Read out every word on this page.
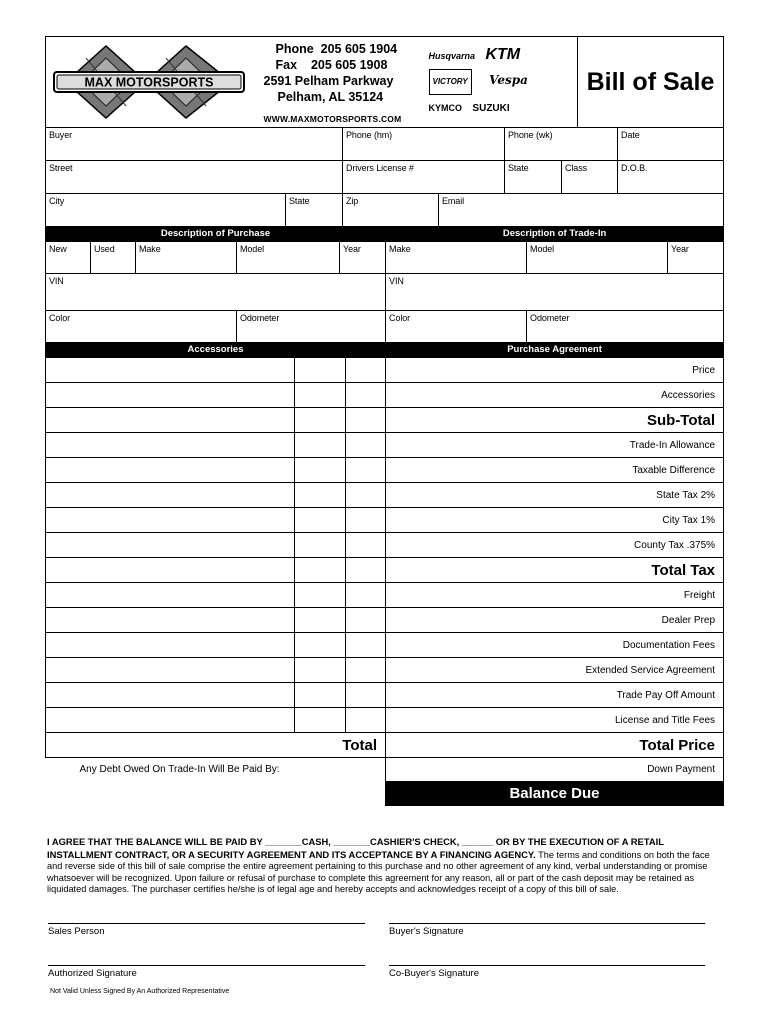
MAX MOTORSPORTS

Phone 205 605 1904
Fax 205 605 1908
2591 Pelham Parkway
Pelham, AL 35124
WWW.MAXMOTORSPORTS.COM
Husqvarna KTM
VICTORY Vespa
KYMCO SUZUKI

Bill of Sale
Buyer	Phone (hm)	Phone (wk)	Date
Street	Drivers License #	State	Class	D.O.B.
City	State	Zip	Email
Description of Purchase					Description of Trade-In		

New	Used	Make	Model	Year	Make	Model	Year

VIN					VIN		

Color			Odometer		Color	Odometer	
Accessories			Purchase Agreement
			Price
			Accessories
			Sub-Total
			Trade-In Allowance
			Taxable Difference
			State Tax 2%
			City Tax 1%
			County Tax .375%
			Total Tax
			Freight
			Dealer Prep
			Documentation Fees
			Extended Service Agreement
			Trade Pay Off Amount
			License and Title Fees
Total	Total Price
Any Debt Owed On Trade-In Will Be Paid By:	Down Payment
	Balance Due
I AGREE THAT THE BALANCE WILL BE PAID BY _______CASH, _______CASHIER'S CHECK, ______ OR BY THE EXECUTION OF A RETAIL INSTALLMENT CONTRACT, OR A SECURITY AGREEMENT AND ITS ACCEPTANCE BY A FINANCING AGENCY. The terms and conditions on both the face and reverse side of this bill of sale comprise the entire agreement pertaining to this purchase and no other agreement of any kind, verbal understanding or promise whatsoever will be recognized. Upon failure or refusal of purchase to complete this agreement for any reason, all or part of the cash deposit may be retained as liquidated damages. The purchaser certifies he/she is of legal age and hereby accepts and acknowledges receipt of a copy of this bill of sale.
Sales Person	Buyer's Signature
Authorized Signature	Co-Buyer's Signature
Not Valid Unless Signed By An Authorized Representative
